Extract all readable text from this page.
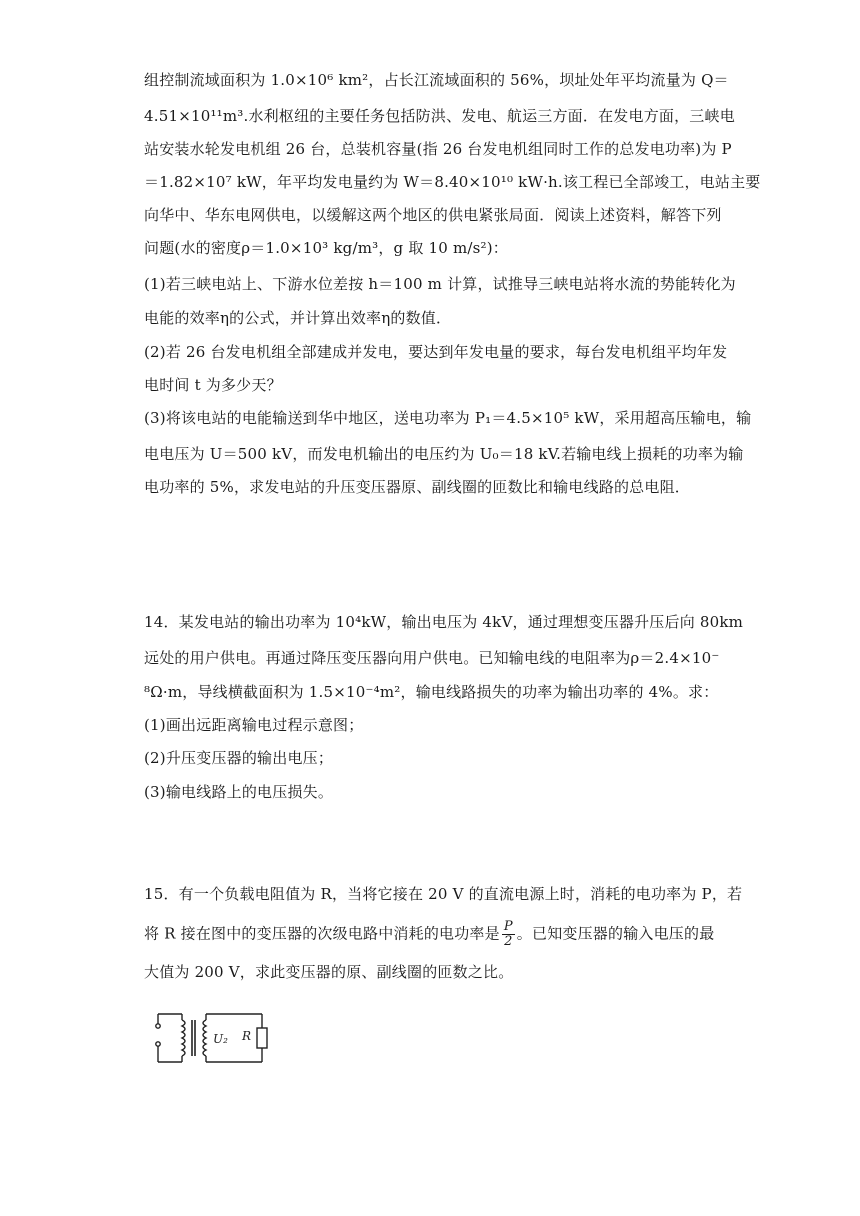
组控制流域面积为 1.0×10⁶ km²，占长江流域面积的 56%，坝址处年平均流量为 Q＝
4.51×10¹¹m³.水利枢纽的主要任务包括防洪、发电、航运三方面．在发电方面，三峡电
站安装水轮发电机组 26 台，总装机容量(指 26 台发电机组同时工作的总发电功率)为 P
＝1.82×10⁷ kW，年平均发电量约为 W＝8.40×10¹⁰ kW·h.该工程已全部竣工，电站主要
向华中、华东电网供电，以缓解这两个地区的供电紧张局面．阅读上述资料，解答下列
问题(水的密度ρ＝1.0×10³ kg/m³，g 取 10 m/s²)：
(1)若三峡电站上、下游水位差按 h＝100 m 计算，试推导三峡电站将水流的势能转化为
电能的效率η的公式，并计算出效率η的数值．
(2)若 26 台发电机组全部建成并发电，要达到年发电量的要求，每台发电机组平均年发
电时间 t 为多少天？
(3)将该电站的电能输送到华中地区，送电功率为 P₁＝4.5×10⁵ kW，采用超高压输电，输
电电压为 U＝500 kV，而发电机输出的电压约为 U₀＝18 kV.若输电线上损耗的功率为输
电功率的 5%，求发电站的升压变压器原、副线圈的匝数比和输电线路的总电阻．
14．某发电站的输出功率为 10⁴kW，输出电压为 4kV，通过理想变压器升压后向 80km
远处的用户供电。再通过降压变压器向用户供电。已知输电线的电阻率为ρ＝2.4×10⁻
⁸Ω·m，导线横截面积为 1.5×10⁻⁴m²，输电线路损失的功率为输出功率的 4%。求：
(1)画出远距离输电过程示意图；
(2)升压变压器的输出电压；
(3)输电线路上的电压损失。
15．有一个负载电阻值为 R，当将它接在 20 V 的直流电源上时，消耗的电功率为 P，若
将 R 接在图中的变压器的次级电路中消耗的电功率是 $\frac{P}{2}$ 。已知变压器的输入电压的最
大值为 200 V，求此变压器的原、副线圈的匝数之比。
U₂ R
